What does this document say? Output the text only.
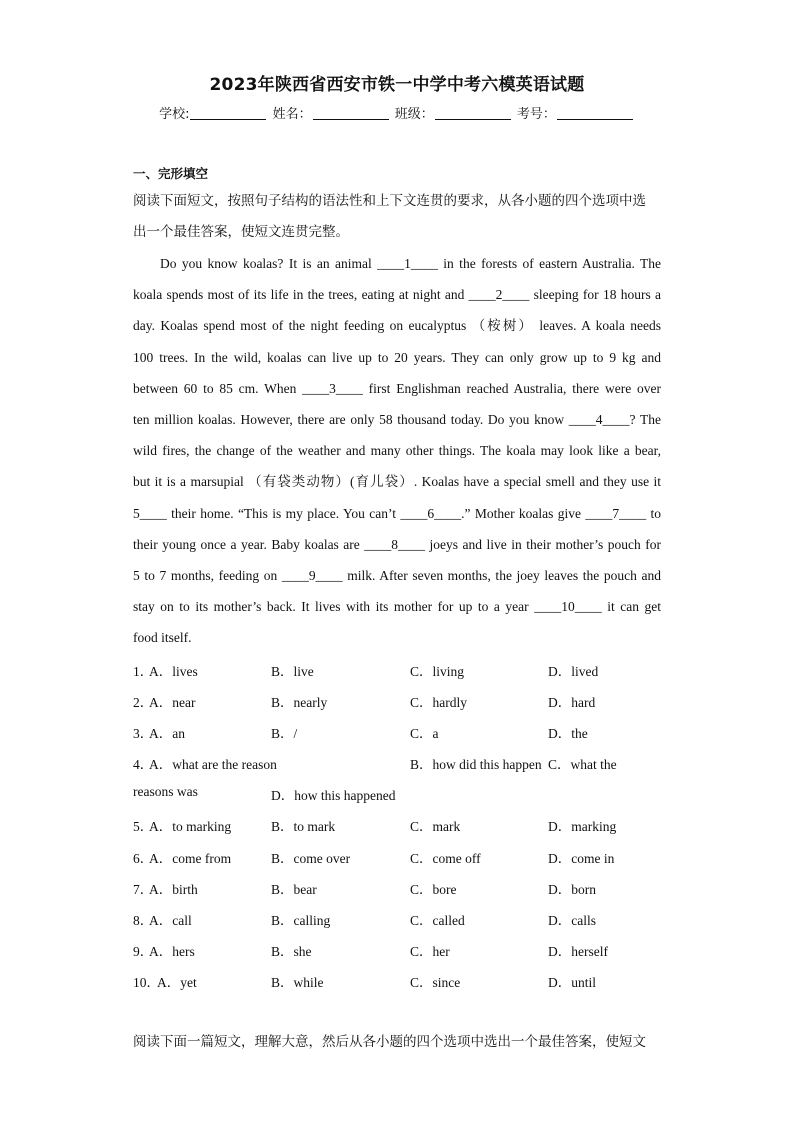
2023年陕西省西安市铁一中学中考六模英语试题
学校:	姓名：	班级：	考号：
一、完形填空
阅读下面短文，按照句子结构的语法性和上下文连贯的要求，从各小题的四个选项中选
出一个最佳答案，使短文连贯完整。
Do you know koalas? It is an animal ____1____ in the forests of eastern Australia. The
koala spends most of its life in the trees, eating at night and ____2____ sleeping for 18 hours a
day. Koalas spend most of the night feeding on eucalyptus （桉树） leaves. A koala needs
100 trees. In the wild, koalas can live up to 20 years. They can only grow up to 9 kg and
between 60 to 85 cm. When ____3____ first Englishman reached Australia, there were over
ten million koalas. However, there are only 58 thousand today. Do you know ____4____? The
wild fires, the change of the weather and many other things. The koala may look like a bear,
but it is a marsupial （有袋类动物）(育儿袋）. Koalas have a special smell and they use it
5____ their home. “This is my place. You can’t ____6____.” Mother koalas give ____7____ to
their young once a year. Baby koalas are ____8____ joeys and live in their mother’s pouch for
5 to 7 months, feeding on ____9____ milk. After seven months, the joey leaves the pouch and
stay on to its mother’s back. It lives with its mother for up to a year ____10____ it can get
food itself.
1．
A．lives	B．live	C．living	D．lived
2．
A．near	B．nearly	C．hardly	D．hard
3．
A．an	B．/	C．a	D．the
4．
A．what are the reason	B．how did this happen C．what the
reasons was	D．how this happened
5．
A．to marking	B．to mark	C．mark	D．marking
6．
A．come from	B．come over	C．come off	D．come in
7．
A．birth	B．bear	C．bore	D．born
8．
A．call	B．calling	C．called	D．calls
9．
A．hers	B．she	C．her	D．herself
10．
A．yet	B．while	C．since	D．until
阅读下面一篇短文，理解大意，然后从各小题的四个选项中选出一个最佳答案，使短文
